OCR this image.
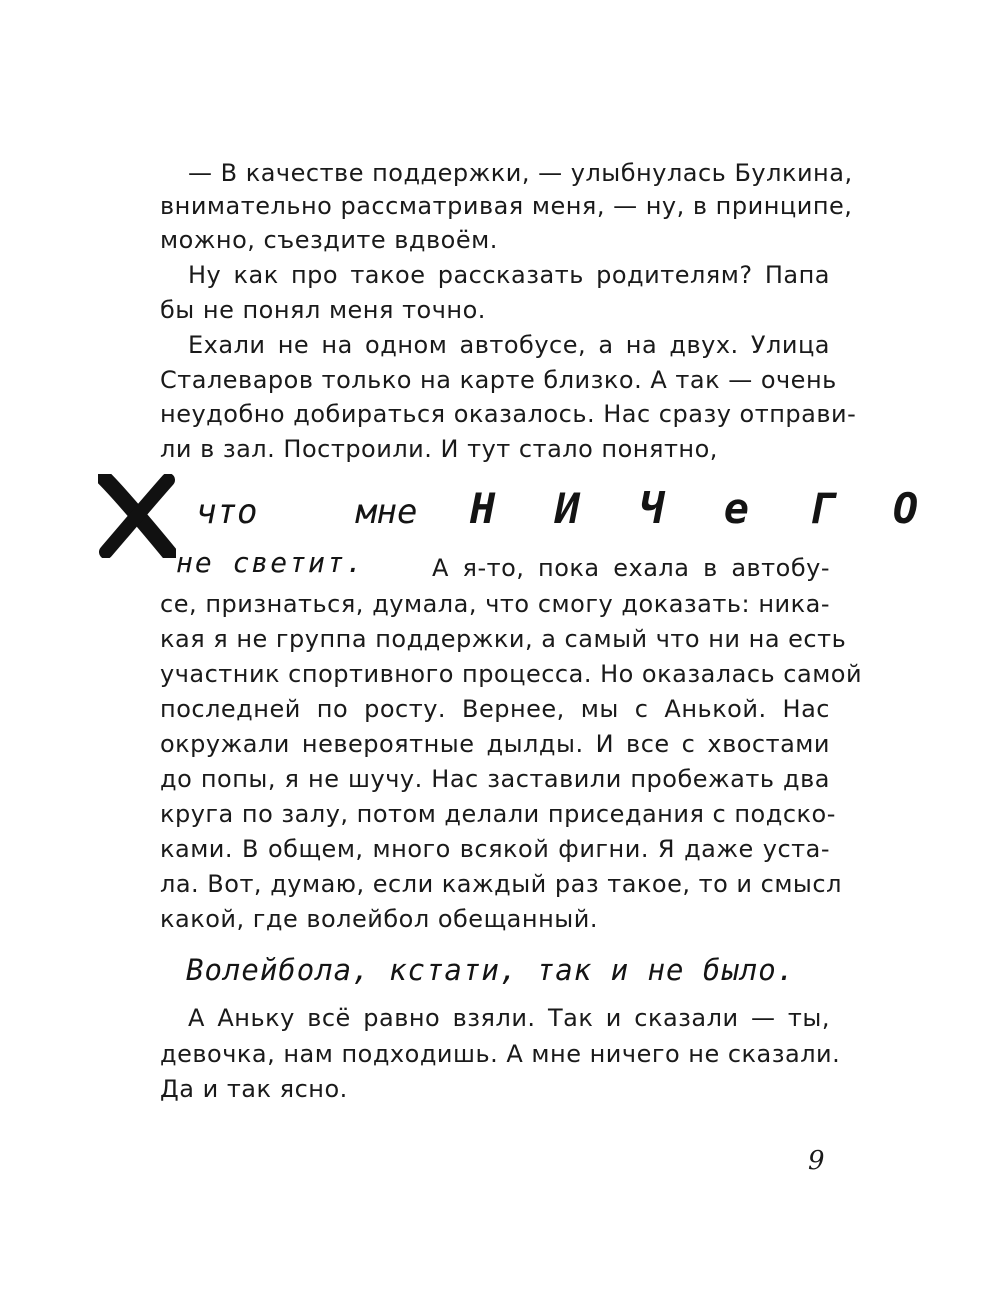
— В качестве поддержки, — улыбнулась Булкина,
внимательно рассматривая меня, — ну, в принципе,
можно, съездите вдвоём.
Ну как про такое рассказать родителям? Папа
бы не понял меня точно.
Ехали не на одном автобусе, а на двух. Улица
Сталеваров только на карте близко. А так — очень
неудобно добираться оказалось. Нас сразу отправи-
ли в зал. Построили. И тут стало понятно,
что	мне Н И Ч е Г О
не светит.	А я-то, пока ехала в автобу-
се, признаться, думала, что смогу доказать: ника-
кая я не группа поддержки, а самый что ни на есть
участник спортивного процесса. Но оказалась самой
последней по росту. Вернее, мы с Анькой. Нас
окружали невероятные дылды. И все с хвостами
до попы, я не шучу. Нас заставили пробежать два
круга по залу, потом делали приседания с подско-
ками. В общем, много всякой фигни. Я даже уста-
ла. Вот, думаю, если каждый раз такое, то и смысл
какой, где волейбол обещанный.
Волейбола, кстати, так и не было.
А Аньку всё равно взяли. Так и сказали — ты,
девочка, нам подходишь. А мне ничего не сказали.
Да и так ясно.
9
